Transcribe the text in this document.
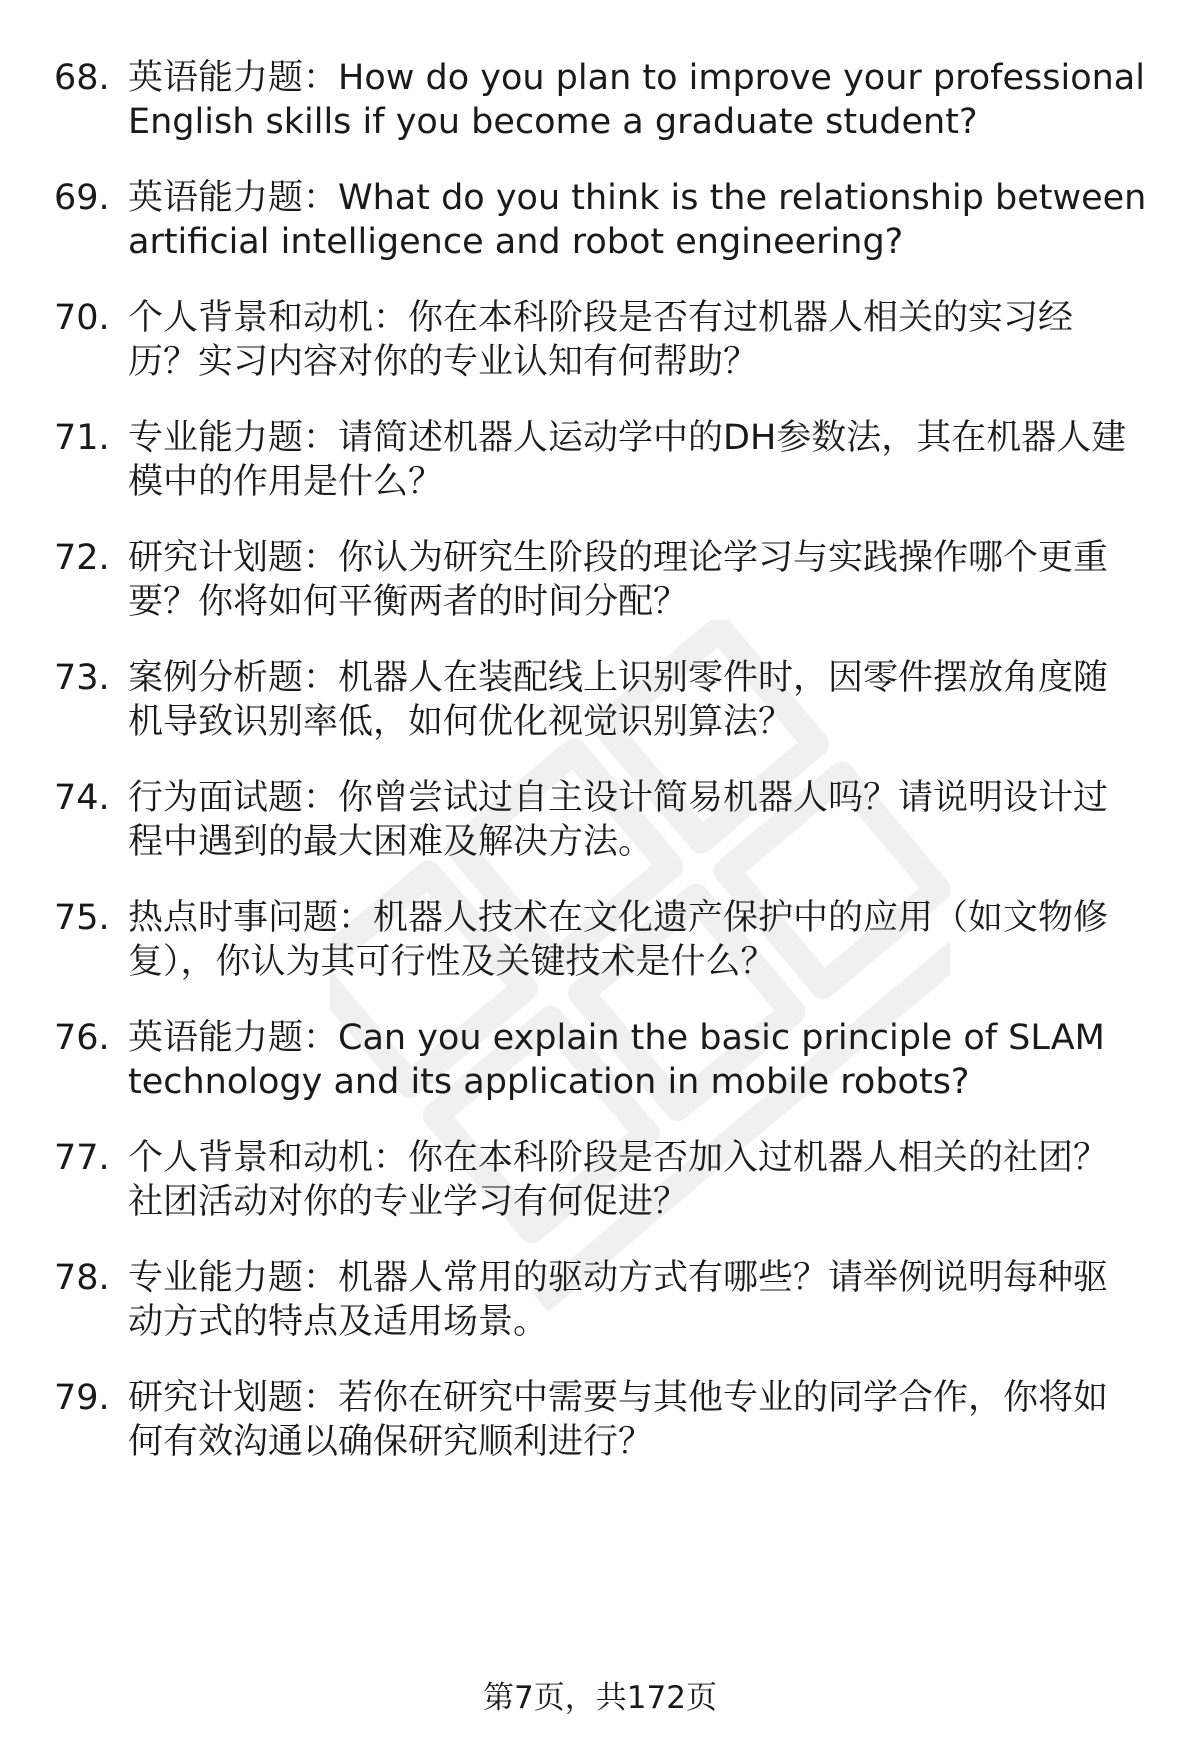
68. 英语能力题：How do you plan to improve your professional
English skills if you become a graduate student?
69. 英语能力题：What do you think is the relationship between
artificial intelligence and robot engineering?
70. 个人背景和动机：你在本科阶段是否有过机器人相关的实习经
历？实习内容对你的专业认知有何帮助？
71. 专业能力题：请简述机器人运动学中的DH参数法，其在机器人建
模中的作用是什么？
72. 研究计划题：你认为研究生阶段的理论学习与实践操作哪个更重
要？你将如何平衡两者的时间分配？
73. 案例分析题：机器人在装配线上识别零件时，因零件摆放角度随
机导致识别率低，如何优化视觉识别算法？
74. 行为面试题：你曾尝试过自主设计简易机器人吗？请说明设计过
程中遇到的最大困难及解决方法。
75. 热点时事问题：机器人技术在文化遗产保护中的应用（如文物修
复），你认为其可行性及关键技术是什么？
76. 英语能力题：Can you explain the basic principle of SLAM
technology and its application in mobile robots?
77. 个人背景和动机：你在本科阶段是否加入过机器人相关的社团？
社团活动对你的专业学习有何促进？
78. 专业能力题：机器人常用的驱动方式有哪些？请举例说明每种驱
动方式的特点及适用场景。
79. 研究计划题：若你在研究中需要与其他专业的同学合作，你将如
何有效沟通以确保研究顺利进行？
第7页，共172页
